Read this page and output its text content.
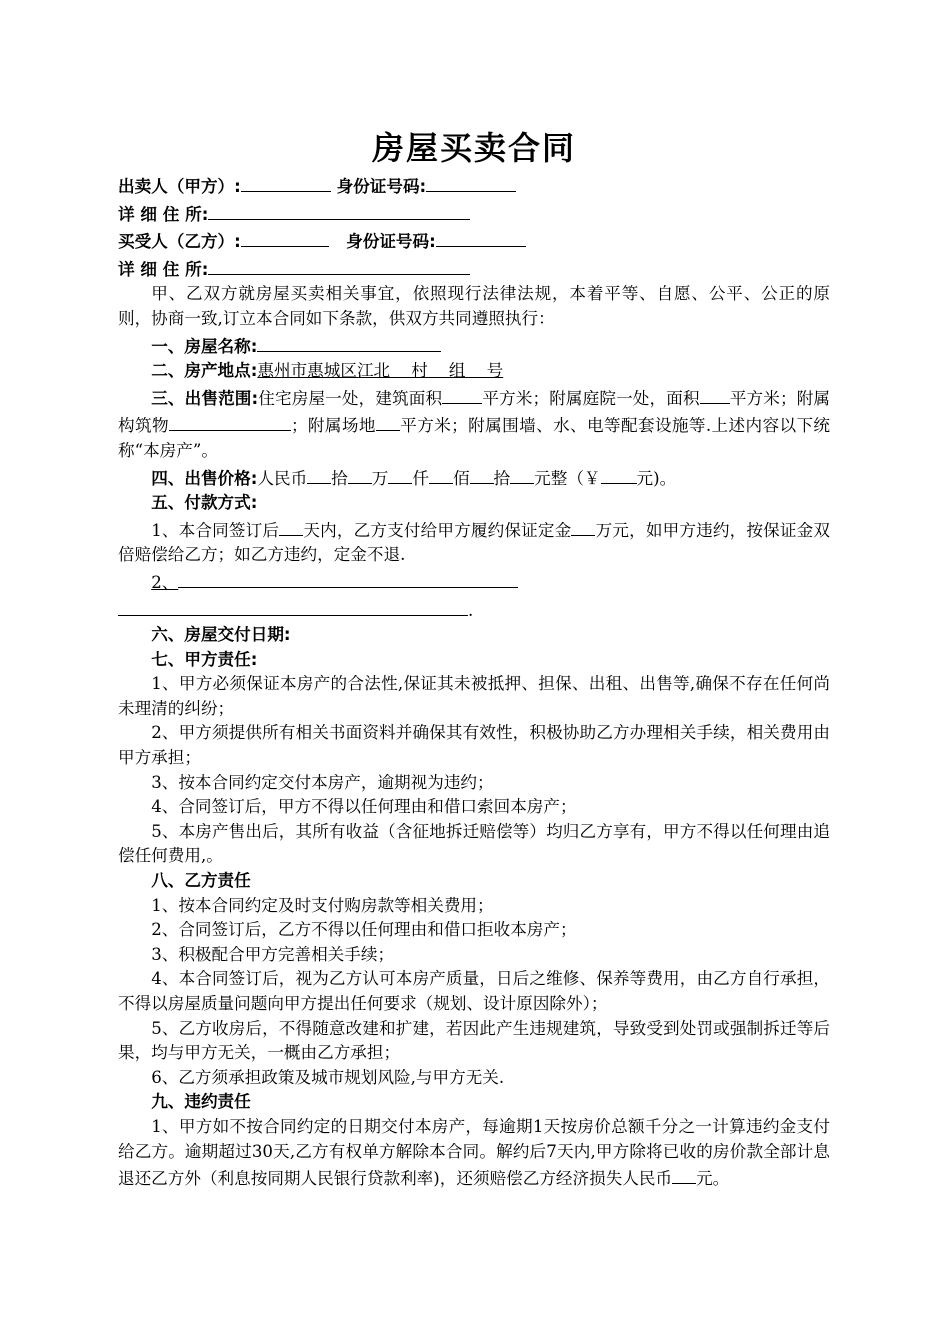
房屋买卖合同
出卖人（甲方）:	身份证号码:
详 细 住 所:
买受人（乙方）:	身份证号码:
详 细 住 所:
甲、乙双方就房屋买卖相关事宜，依照现行法律法规，本着平等、自愿、公平、公正的原则，协商一致,订立本合同如下条款，供双方共同遵照执行：
一、房屋名称:
二、房产地点:惠州市惠城区江北    村    组    号
三、出售范围:住宅房屋一处，建筑面积 平方米；附属庭院一处，面积 平方米；附属构筑物	；附属场地 平方米；附属围墙、水、电等配套设施等.上述内容以下统称“本房产”。
四、出售价格:人民币 拾 万 仟 佰 拾 元整（￥ 元)。
五、付款方式:
1、本合同签订后 天内，乙方支付给甲方履约保证定金 万元，如甲方违约，按保证金双倍赔偿给乙方；如乙方违约，定金不退.
2、
.
六、房屋交付日期:
七、甲方责任:
1、甲方必须保证本房产的合法性,保证其未被抵押、担保、出租、出售等,确保不存在任何尚未理清的纠纷；
2、甲方须提供所有相关书面资料并确保其有效性，积极协助乙方办理相关手续，相关费用由甲方承担；
3、按本合同约定交付本房产，逾期视为违约；
4、合同签订后，甲方不得以任何理由和借口索回本房产；
5、本房产售出后，其所有收益（含征地拆迁赔偿等）均归乙方享有，甲方不得以任何理由追偿任何费用,。
八、乙方责任
1、按本合同约定及时支付购房款等相关费用；
2、合同签订后，乙方不得以任何理由和借口拒收本房产；
3、积极配合甲方完善相关手续；
4、本合同签订后，视为乙方认可本房产质量，日后之维修、保养等费用，由乙方自行承担，不得以房屋质量问题向甲方提出任何要求（规划、设计原因除外）；
5、乙方收房后，不得随意改建和扩建，若因此产生违规建筑，导致受到处罚或强制拆迁等后果，均与甲方无关，一概由乙方承担；
6、乙方须承担政策及城市规划风险,与甲方无关.
九、违约责任
1、甲方如不按合同约定的日期交付本房产，每逾期1天按房价总额千分之一计算违约金支付给乙方。逾期超过30天,乙方有权单方解除本合同。解约后7天内,甲方除将已收的房价款全部计息退还乙方外（利息按同期人民银行贷款利率)，还须赔偿乙方经济损失人民币 元。
